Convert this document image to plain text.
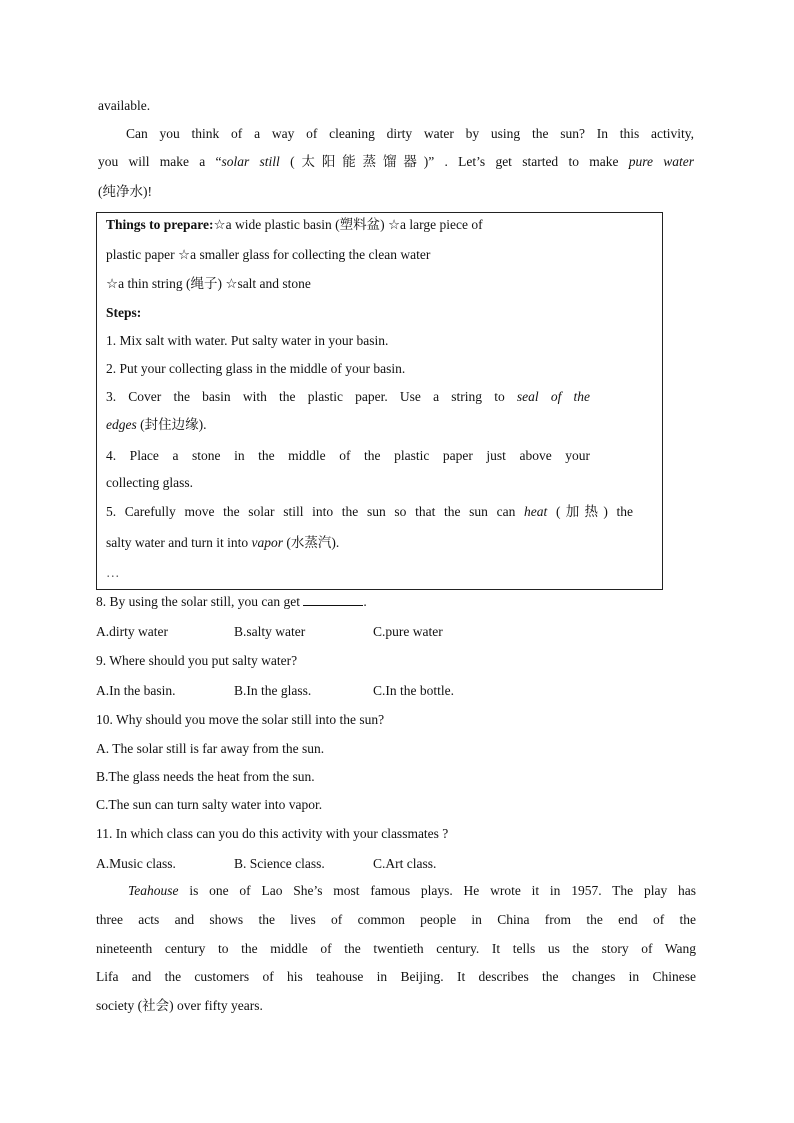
available.
Can you think of a way of cleaning dirty water by using the sun? In this activity,
you will make a “solar still (太阳能蒸馏器)” . Let’s get started to make pure water
(纯净水)!
Things to prepare:☆a wide plastic basin (塑料盆) ☆a large piece of
plastic paper ☆a smaller glass for collecting the clean water
☆a thin string (绳子) ☆salt and stone
Steps:
1. Mix salt with water. Put salty water in your basin.
2. Put your collecting glass in the middle of your basin.
3. Cover the basin with the plastic paper. Use a string to seal of the
edges (封住边缘).
4. Place a stone in the middle of the plastic paper just above your
collecting glass.
5. Carefully move the solar still into the sun so that the sun can heat (加热) the
salty water and turn it into vapor (水蒸汽).
…
8. By using the solar still, you can get	.
A.dirty water	B.salty water	C.pure water
9. Where should you put salty water?
A.In the basin.	B.In the glass.	C.In the bottle.
10. Why should you move the solar still into the sun?
A. The solar still is far away from the sun.
B.The glass needs the heat from the sun.
C.The sun can turn salty water into vapor.
11. In which class can you do this activity with your classmates ?
A.Music class.	B. Science class.	C.Art class.
Teahouse is one of Lao She’s most famous plays. He wrote it in 1957. The play has
three acts and shows the lives of common people in China from the end of the
nineteenth century to the middle of the twentieth century. It tells us the story of Wang
Lifa and the customers of his teahouse in Beijing. It describes the changes in Chinese
society (社会) over fifty years.
